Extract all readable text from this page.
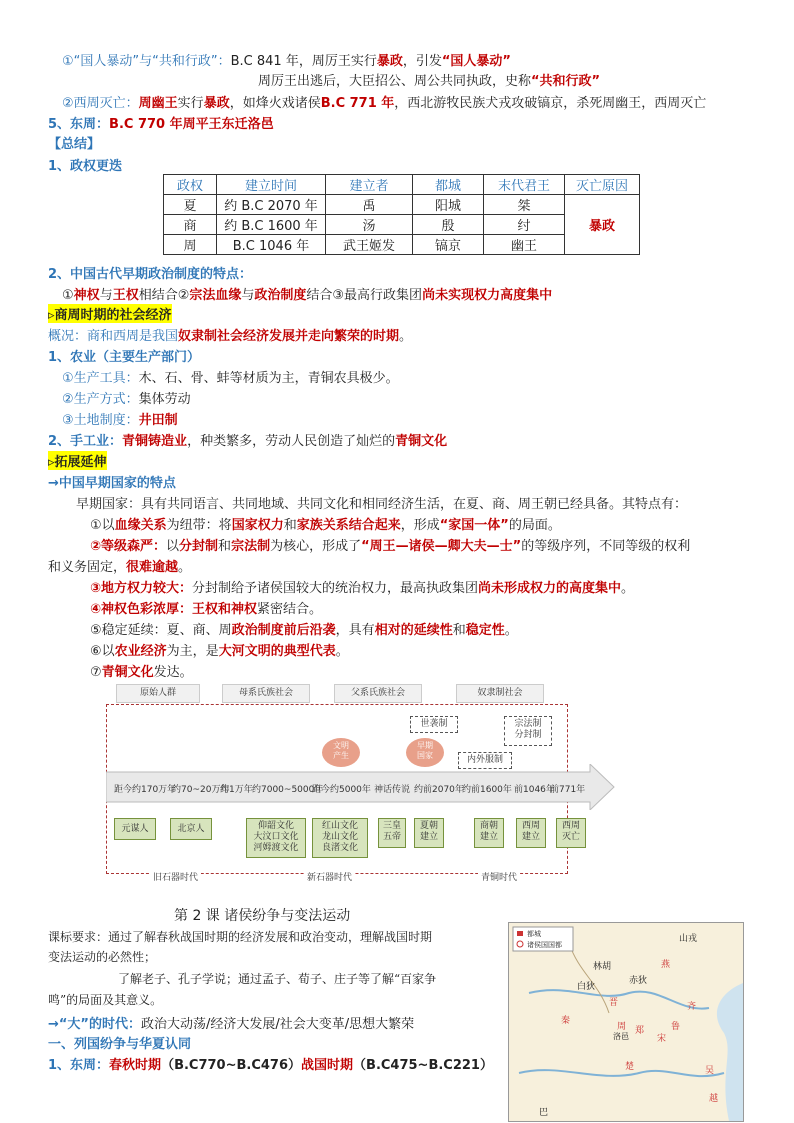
①“国人暴动”与“共和行政”：B.C 841 年，周厉王实行暴政，引发“国人暴动”
周厉王出逃后，大臣招公、周公共同执政，史称“共和行政”
②西周灭亡：周幽王实行暴政，如烽火戏诸侯B.C 771 年，西北游牧民族犬戎攻破镐京，杀死周幽王，西周灭亡
5、东周：B.C 770 年周平王东迁洛邑
【总结】
1、政权更迭
政权	建立时间	建立者	都城	末代君王	灭亡原因
夏	约 B.C 2070 年	禹	阳城	桀	暴政
商	约 B.C 1600 年	汤	殷	纣	
周	B.C 1046 年	武王姬发	镐京	幽王	
2、中国古代早期政治制度的特点：
①神权与王权相结合②宗法血缘与政治制度结合③最高行政集团尚未实现权力高度集中
▹商周时期的社会经济
概况：商和西周是我国奴隶制社会经济发展并走向繁荣的时期。
1、农业（主要生产部门）
①生产工具：木、石、骨、蚌等材质为主，青铜农具极少。
②生产方式：集体劳动
③土地制度：井田制
2、手工业：青铜铸造业，种类繁多，劳动人民创造了灿烂的青铜文化
▹拓展延伸
→中国早期国家的特点
早期国家：具有共同语言、共同地域、共同文化和相同经济生活，在夏、商、周王朝已经具备。其特点有：
①以血缘关系为纽带：将国家权力和家族关系结合起来，形成“家国一体”的局面。
②等级森严：以分封制和宗法制为核心，形成了“周王—诸侯—卿大夫—士”的等级序列，不同等级的权利
和义务固定，很难逾越。
③地方权力较大：分封制给予诸侯国较大的统治权力，最高执政集团尚未形成权力的高度集中。
④神权色彩浓厚：王权和神权紧密结合。
⑤稳定延续：夏、商、周政治制度前后沿袭，具有相对的延续性和稳定性。
⑥以农业经济为主，是大河文明的典型代表。
⑦青铜文化发达。
原始人群	母系氏族社会	父系氏族社会	奴隶制社会
文明
产生
早期
国家
世袭制
内外服制
宗法制
分封制
距今约170万年
约70~20万年
约1万年 约7000~5000年
距今约5000年 神话传说 约前2070年
约前1600年 前1046年
前771年
元谋人	北京人	仰韶文化
大汶口文化
河姆渡文化
红山文化
龙山文化
良渚文化
三皇
五帝
夏朝
建立
商朝
建立
西周
建立
西周
灭亡
旧石器时代	新石器时代	青铜时代
第 2 课 诸侯纷争与变法运动
课标要求：通过了解春秋战国时期的经济发展和政治变动，理解战国时期
变法运动的必然性；
了解老子、孔子学说；通过孟子、荀子、庄子等了解“百家争
鸣”的局面及其意义。
→“大”的时代：政治大动荡/经济大发展/社会大变革/思想大繁荣
一、列国纷争与华夏认同
1、东周：春秋时期（B.C770~B.C476）战国时期（B.C475~B.C221）
都城
诸侯国国都
山戎
林胡	燕
晋	齐
鲁
宋
郑
周
秦
楚	吴
越
巴
赤狄
白狄
洛邑
